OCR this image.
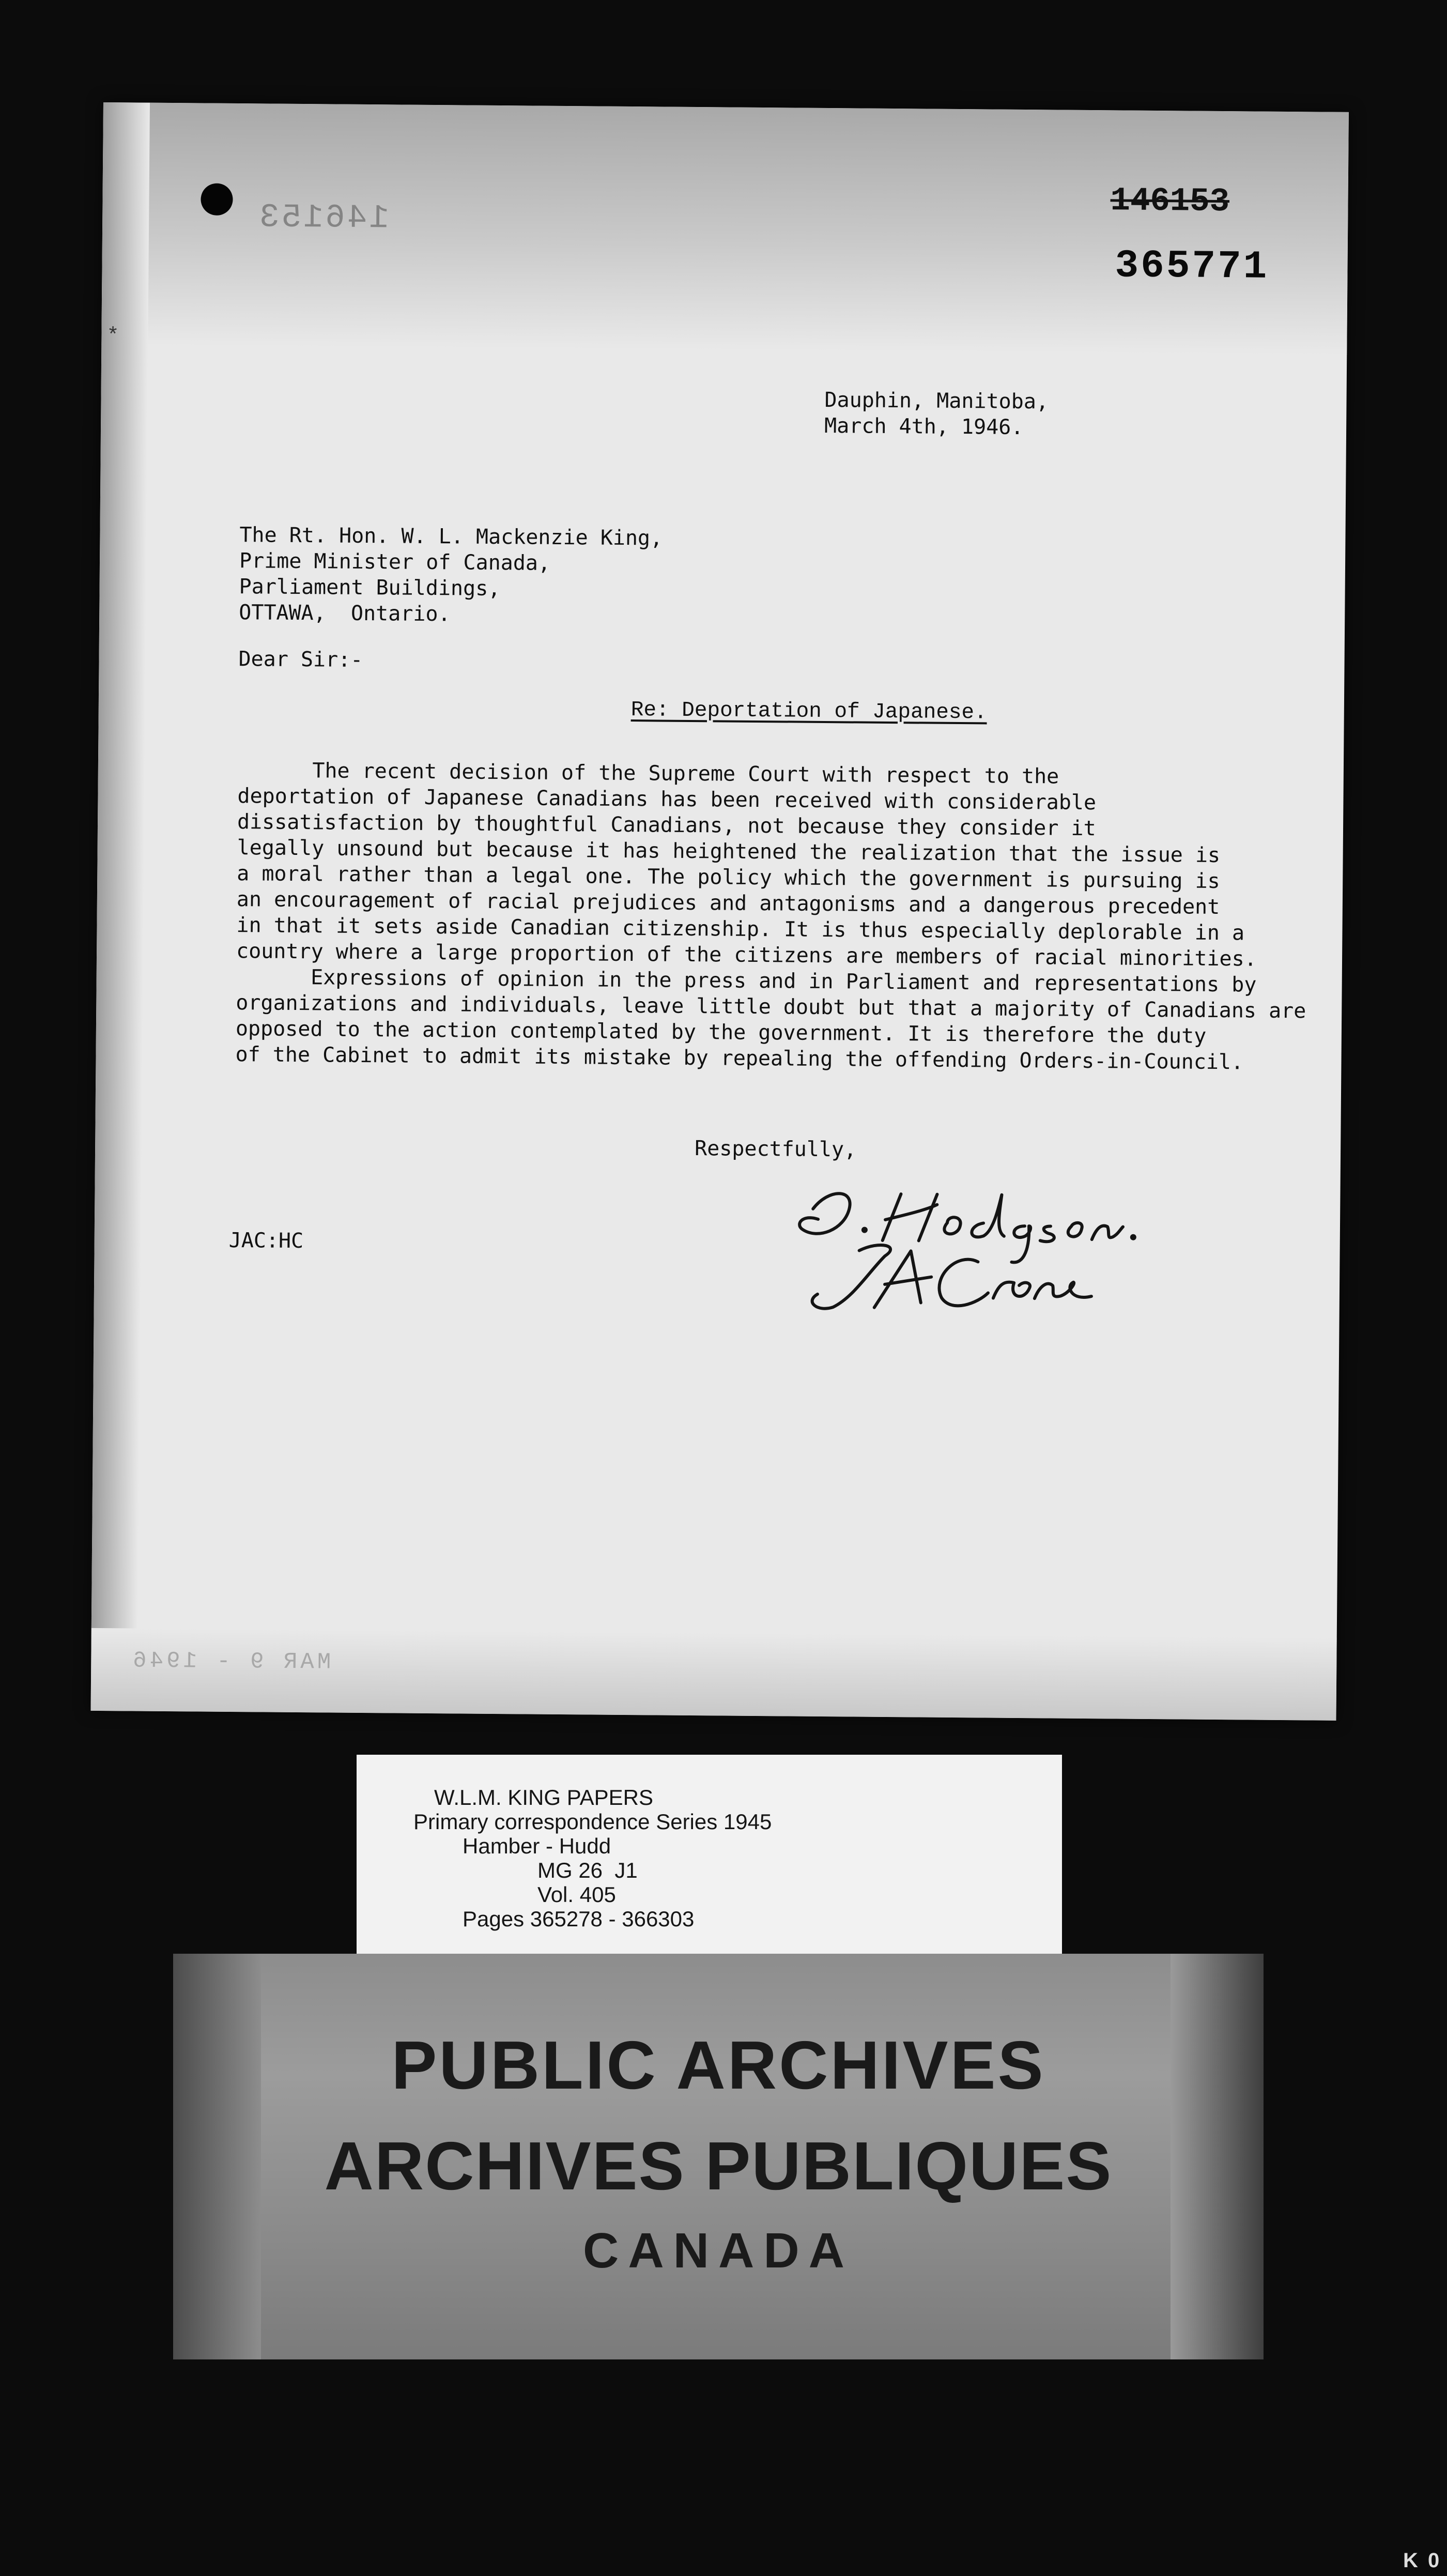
146153	146153
365771
*
Dauphin, Manitoba,
March 4th, 1946.
The Rt. Hon. W. L. Mackenzie King,
Prime Minister of Canada,
Parliament Buildings,
OTTAWA,  Ontario.
Dear Sir:-
Re: Deportation of Japanese.
The recent decision of the Supreme Court with respect to the
deportation of Japanese Canadians has been received with considerable
dissatisfaction by thoughtful Canadians, not because they consider it
legally unsound but because it has heightened the realization that the issue is
a moral rather than a legal one. The policy which the government is pursuing is
an encouragement of racial prejudices and antagonisms and a dangerous precedent
in that it sets aside Canadian citizenship. It is thus especially deplorable in a
country where a large proportion of the citizens are members of racial minorities.
Expressions of opinion in the press and in Parliament and representations by
organizations and individuals, leave little doubt but that a majority of Canadians are
opposed to the action contemplated by the government. It is therefore the duty
of the Cabinet to admit its mistake by repealing the offending Orders-in-Council.
Respectfully,
JAC:HC
MAR 9 - 1946
W.L.M. KING PAPERS
Primary correspondence Series 1945
Hamber - Hudd
MG 26  J1
Vol. 405
Pages 365278 - 366303
PUBLIC ARCHIVES
ARCHIVES PUBLIQUES
CANADA
K 0
